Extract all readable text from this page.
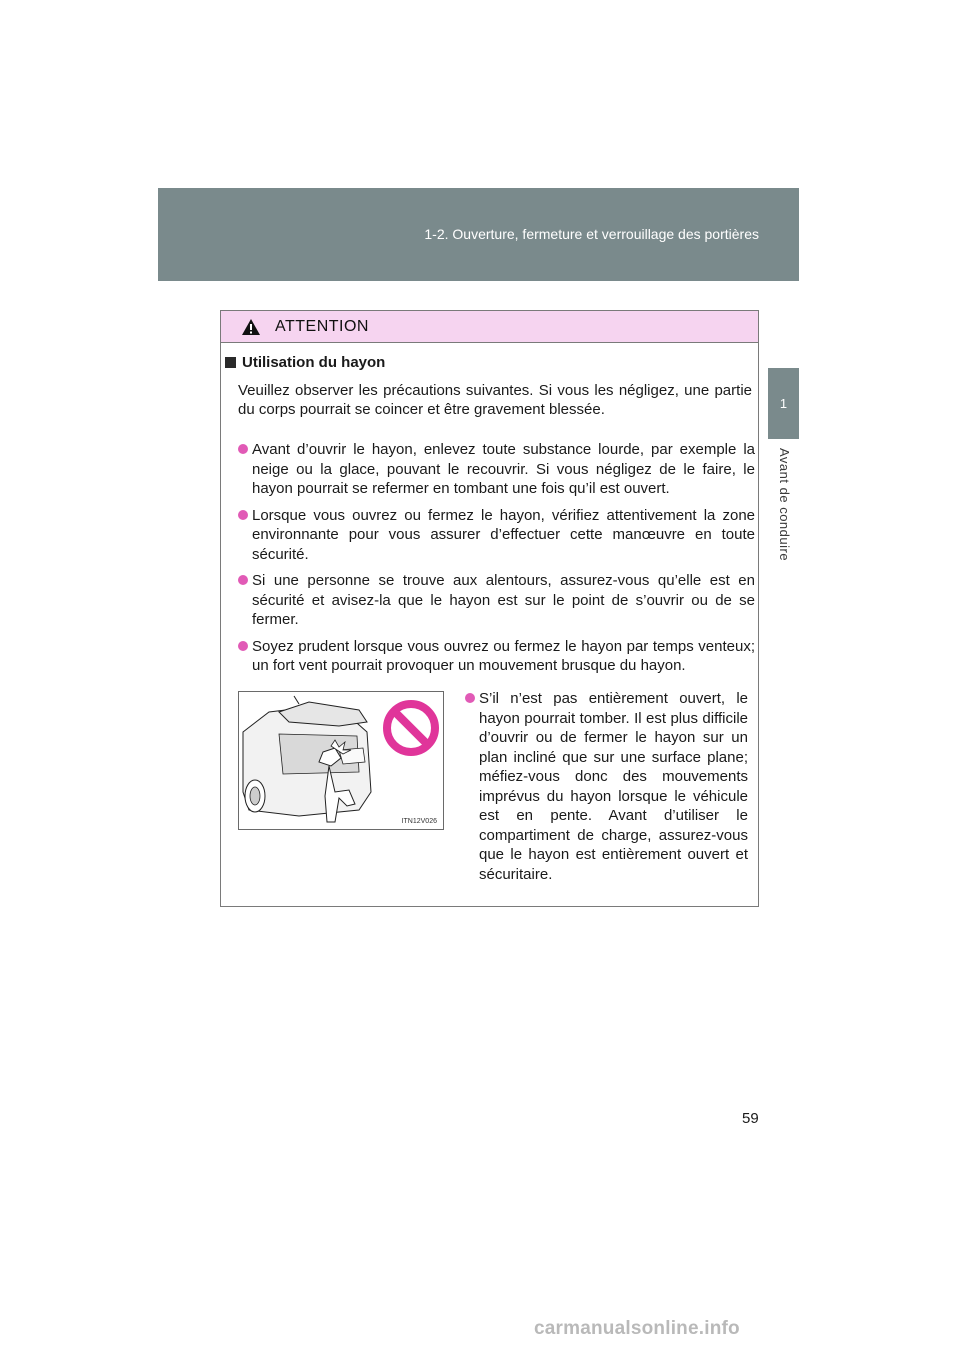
1-2. Ouverture, fermeture et verrouillage des portières
1
Avant de conduire
ATTENTION
Utilisation du hayon
Veuillez observer les précautions suivantes. Si vous les négligez, une partie du corps pourrait se coincer et être gravement blessée.
Avant d’ouvrir le hayon, enlevez toute substance lourde, par exemple la neige ou la glace, pouvant le recouvrir. Si vous négligez de le faire, le hayon pourrait se refermer en tombant une fois qu’il est ouvert.
Lorsque vous ouvrez ou fermez le hayon, vérifiez attentivement la zone environnante pour vous assurer d’effectuer cette manœuvre en toute sécurité.
Si une personne se trouve aux alentours, assurez-vous qu’elle est en sécurité et avisez-la que le hayon est sur le point de s’ouvrir ou de se fermer.
Soyez prudent lorsque vous ouvrez ou fermez le hayon par temps venteux; un fort vent pourrait provoquer un mouvement brusque du hayon.
ITN12V026
S’il n’est pas entièrement ouvert, le hayon pourrait tomber. Il est plus difficile d’ouvrir ou de fermer le hayon sur un plan incliné que sur une surface plane; méfiez-vous donc des mouvements imprévus du hayon lorsque le véhicule est en pente. Avant d’utiliser le compartiment de charge, assurez-vous que le hayon est entièrement ouvert et sécuritaire.
59
carmanualsonline.info
